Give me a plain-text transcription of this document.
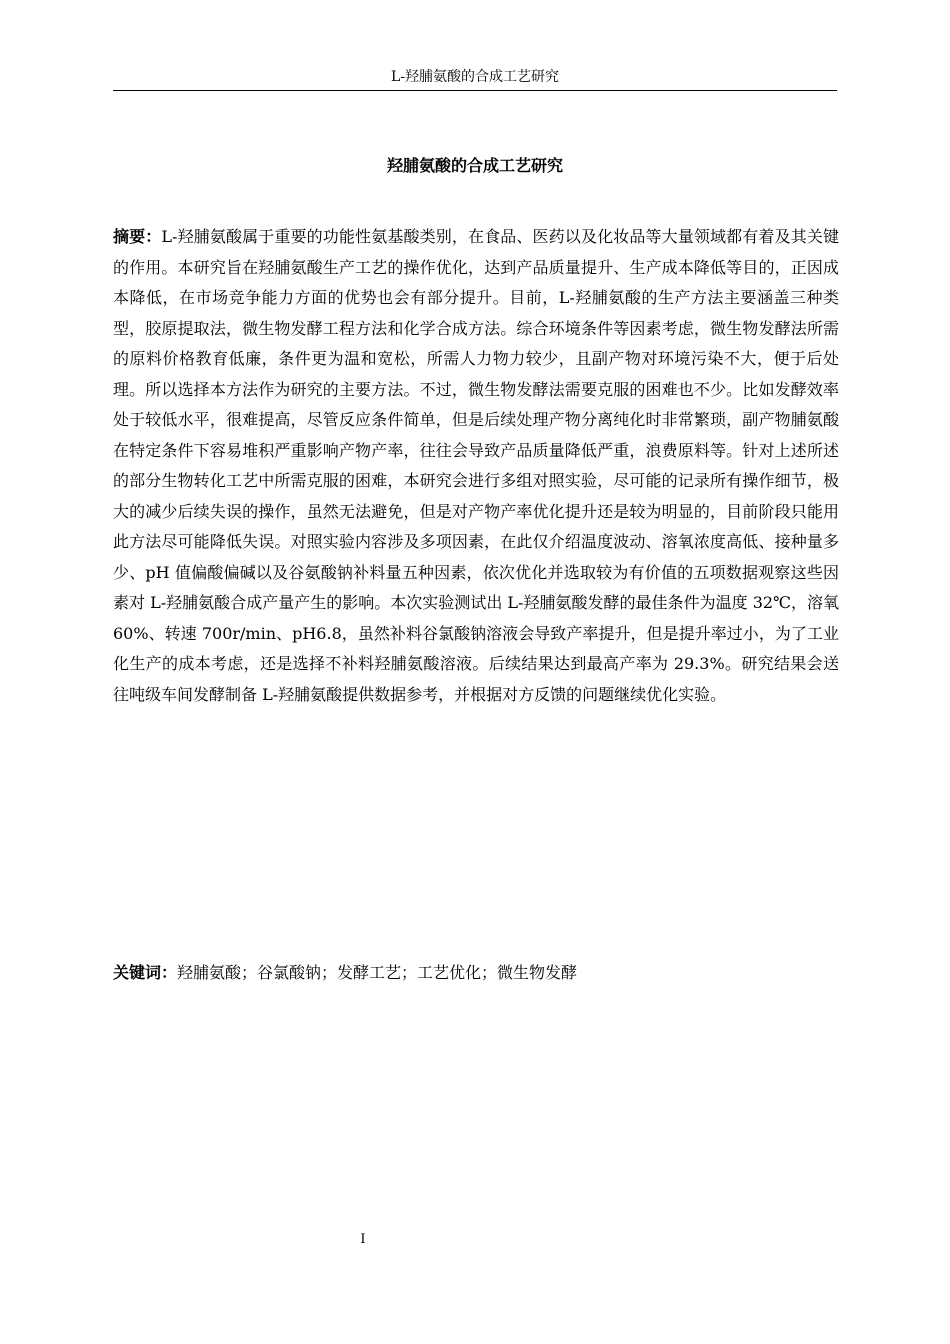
L-羟脯氨酸的合成工艺研究
羟脯氨酸的合成工艺研究

摘要：L-羟脯氨酸属于重要的功能性氨基酸类别，在食品、医药以及化妆品等大量领域都有着及其关键的作用。本研究旨在羟脯氨酸生产工艺的操作优化，达到产品质量提升、生产成本降低等目的，正因成本降低，在市场竞争能力方面的优势也会有部分提升。目前，L-羟脯氨酸的生产方法主要涵盖三种类型，胶原提取法，微生物发酵工程方法和化学合成方法。综合环境条件等因素考虑，微生物发酵法所需的原料价格教育低廉，条件更为温和宽松，所需人力物力较少，且副产物对环境污染不大，便于后处理。所以选择本方法作为研究的主要方法。不过，微生物发酵法需要克服的困难也不少。比如发酵效率处于较低水平，很难提高，尽管反应条件简单，但是后续处理产物分离纯化时非常繁琐，副产物脯氨酸在特定条件下容易堆积严重影响产物产率，往往会导致产品质量降低严重，浪费原料等。针对上述所述的部分生物转化工艺中所需克服的困难，本研究会进行多组对照实验，尽可能的记录所有操作细节，极大的减少后续失误的操作，虽然无法避免，但是对产物产率优化提升还是较为明显的，目前阶段只能用此方法尽可能降低失误。对照实验内容涉及多项因素，在此仅介绍温度波动、溶氧浓度高低、接种量多少、pH 值偏酸偏碱以及谷氨酸钠补料量五种因素，依次优化并选取较为有价值的五项数据观察这些因素对 L-羟脯氨酸合成产量产生的影响。本次实验测试出 L-羟脯氨酸发酵的最佳条件为温度 32℃，溶氧 60%、转速 700r/min、pH6.8，虽然补料谷氯酸钠溶液会导致产率提升，但是提升率过小，为了工业化生产的成本考虑，还是选择不补料羟脯氨酸溶液。后续结果达到最高产率为 29.3%。研究结果会送往吨级车间发酵制备 L-羟脯氨酸提供数据参考，并根据对方反馈的问题继续优化实验。

关键词：羟脯氨酸；谷氯酸钠；发酵工艺；工艺优化；微生物发酵

I
